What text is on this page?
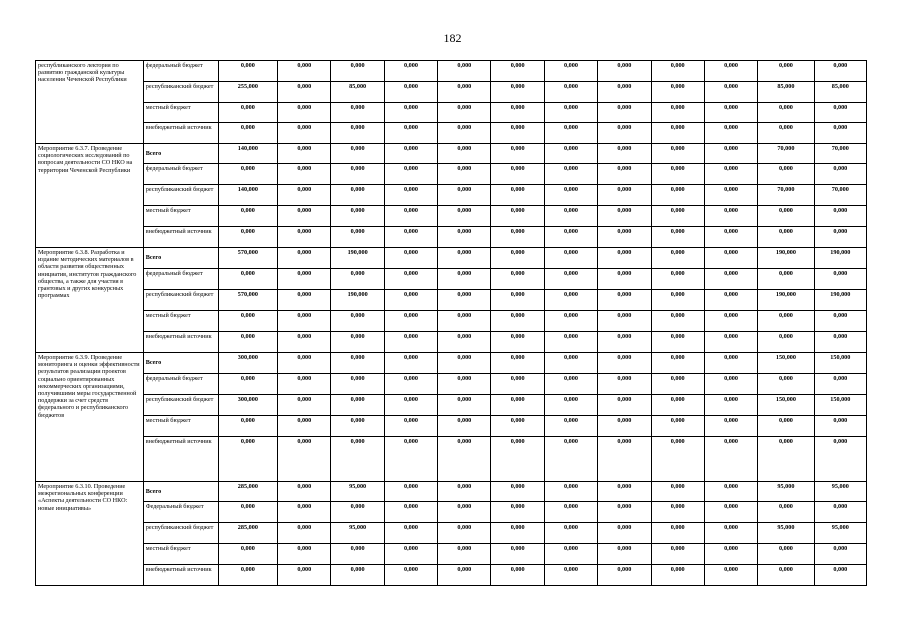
182
республиканского лектория по развитию гражданской культуры населения Чеченской Республики	федеральный бюджет	0,000	0,000	0,000	0,000	0,000	0,000	0,000	0,000	0,000	0,000	0,000	0,000
	республиканский бюджет	255,000	0,000	85,000	0,000	0,000	0,000	0,000	0,000	0,000	0,000	85,000	85,000
	местный бюджет	0,000	0,000	0,000	0,000	0,000	0,000	0,000	0,000	0,000	0,000	0,000	0,000
	внебюджетный источник	0,000	0,000	0,000	0,000	0,000	0,000	0,000	0,000	0,000	0,000	0,000	0,000
Мероприятие 6.3.7. Проведение социологических исследований по вопросам деятельности СО НКО на территории Чеченской Республики	Всего	140,000	0,000	0,000	0,000	0,000	0,000	0,000	0,000	0,000	0,000	70,000	70,000
	федеральный бюджет	0,000	0,000	0,000	0,000	0,000	0,000	0,000	0,000	0,000	0,000	0,000	0,000
	республиканский бюджет	140,000	0,000	0,000	0,000	0,000	0,000	0,000	0,000	0,000	0,000	70,000	70,000
	местный бюджет	0,000	0,000	0,000	0,000	0,000	0,000	0,000	0,000	0,000	0,000	0,000	0,000
	внебюджетный источник	0,000	0,000	0,000	0,000	0,000	0,000	0,000	0,000	0,000	0,000	0,000	0,000
Мероприятие 6.3.8. Разработка и издание методических материалов в области развития общественных инициатив, институтов гражданского общества, а также для участия в грантовых и других конкурсных программах	Всего	570,000	0,000	190,000	0,000	0,000	0,000	0,000	0,000	0,000	0,000	190,000	190,000
	федеральный бюджет	0,000	0,000	0,000	0,000	0,000	0,000	0,000	0,000	0,000	0,000	0,000	0,000
	республиканский бюджет	570,000	0,000	190,000	0,000	0,000	0,000	0,000	0,000	0,000	0,000	190,000	190,000
	местный бюджет	0,000	0,000	0,000	0,000	0,000	0,000	0,000	0,000	0,000	0,000	0,000	0,000
	внебюджетный источник	0,000	0,000	0,000	0,000	0,000	0,000	0,000	0,000	0,000	0,000	0,000	0,000
Мероприятие 6.3.9. Проведение мониторинга и оценки эффективности результатов реализации проектов социально ориентированных некоммерческих организациями, получившими меры государственной поддержки за счет средств федерального и республиканского бюджетов	Всего	300,000	0,000	0,000	0,000	0,000	0,000	0,000	0,000	0,000	0,000	150,000	150,000
	федеральный бюджет	0,000	0,000	0,000	0,000	0,000	0,000	0,000	0,000	0,000	0,000	0,000	0,000
	республиканский бюджет	300,000	0,000	0,000	0,000	0,000	0,000	0,000	0,000	0,000	0,000	150,000	150,000
	местный бюджет	0,000	0,000	0,000	0,000	0,000	0,000	0,000	0,000	0,000	0,000	0,000	0,000
	внебюджетный источник	0,000	0,000	0,000	0,000	0,000	0,000	0,000	0,000	0,000	0,000	0,000	0,000
Мероприятие 6.3.10. Проведение межрегиональных конференции «Аспекты деятельности СО НКО: новые инициативы»	Всего	285,000	0,000	95,000	0,000	0,000	0,000	0,000	0,000	0,000	0,000	95,000	95,000
	Федеральный бюджет	0,000	0,000	0,000	0,000	0,000	0,000	0,000	0,000	0,000	0,000	0,000	0,000
	республиканский бюджет	285,000	0,000	95,000	0,000	0,000	0,000	0,000	0,000	0,000	0,000	95,000	95,000
	местный бюджет	0,000	0,000	0,000	0,000	0,000	0,000	0,000	0,000	0,000	0,000	0,000	0,000
	внебюджетный источник	0,000	0,000	0,000	0,000	0,000	0,000	0,000	0,000	0,000	0,000	0,000	0,000
